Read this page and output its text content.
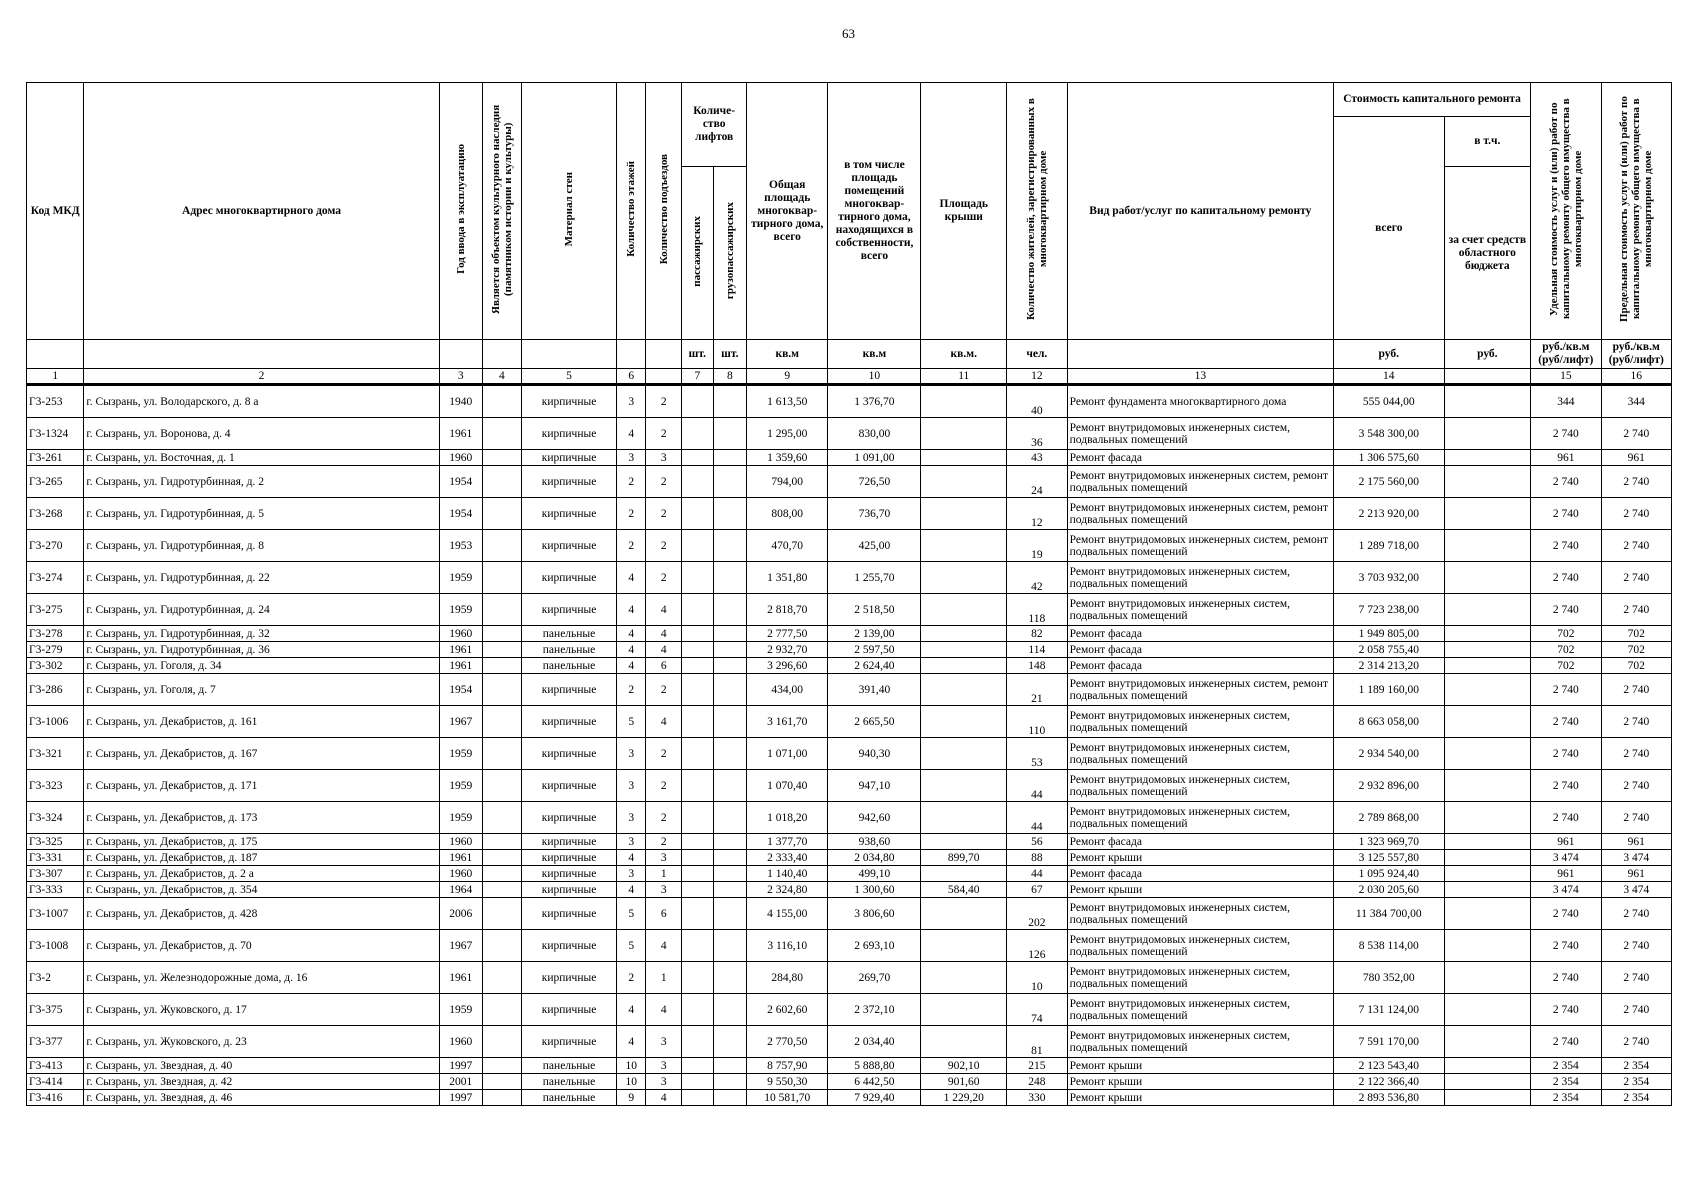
63
Код МКД	Адрес многоквартирного дома	Год ввода в эксплуатацию	Является объектом культурного наследия (памятником истории и культуры)	Материал стен	Количество этажей	Количество подъездов	Количе-ство лифтов		Общая площадь многоквар-тирного дома, всего	в том числе площадь помещений многоквар-тирного дома, находящихся в собственности, всего	Площадь крыши	Количество жителей, зарегистрированных в многоквартирном доме	Вид работ/услуг по капитальному ремонту	Стоимость капитального ремонта		Удельная стоимость услуг и (или) работ по капитальному ремонту общего имущества в многоквартирном доме	Предельная стоимость услуг и (или) работ по капитальному ремонту общего имущества в многоквартирном доме
														всего	в т.ч.		
							пассажирских	грузопассажирских							за счет средств областного бюджета		
							шт.	шт.	кв.м	кв.м	кв.м.	чел.		руб.	руб.	руб./кв.м (руб/лифт)	руб./кв.м (руб/лифт)
1	2	3	4	5	6		7	8	9	10	11	12	13	14		15	16
Г3-253	г. Сызрань, ул. Володарского, д. 8 а	1940		кирпичные	3	2			1 613,50	1 376,70		40	Ремонт фундамента многоквартирного дома	555 044,00		344	344
Г3-1324	г. Сызрань, ул. Воронова, д. 4	1961		кирпичные	4	2			1 295,00	830,00		36	Ремонт внутридомовых инженерных систем, подвальных помещений	3 548 300,00		2 740	2 740
Г3-261	г. Сызрань, ул. Восточная, д. 1	1960		кирпичные	3	3			1 359,60	1 091,00		43	Ремонт фасада	1 306 575,60		961	961
Г3-265	г. Сызрань, ул. Гидротурбинная, д. 2	1954		кирпичные	2	2			794,00	726,50		24	Ремонт внутридомовых инженерных систем, ремонт подвальных помещений	2 175 560,00		2 740	2 740
Г3-268	г. Сызрань, ул. Гидротурбинная, д. 5	1954		кирпичные	2	2			808,00	736,70		12	Ремонт внутридомовых инженерных систем, ремонт подвальных помещений	2 213 920,00		2 740	2 740
Г3-270	г. Сызрань, ул. Гидротурбинная, д. 8	1953		кирпичные	2	2			470,70	425,00		19	Ремонт внутридомовых инженерных систем, ремонт подвальных помещений	1 289 718,00		2 740	2 740
Г3-274	г. Сызрань, ул. Гидротурбинная, д. 22	1959		кирпичные	4	2			1 351,80	1 255,70		42	Ремонт внутридомовых инженерных систем, подвальных помещений	3 703 932,00		2 740	2 740
Г3-275	г. Сызрань, ул. Гидротурбинная, д. 24	1959		кирпичные	4	4			2 818,70	2 518,50		118	Ремонт внутридомовых инженерных систем, подвальных помещений	7 723 238,00		2 740	2 740
Г3-278	г. Сызрань, ул. Гидротурбинная, д. 32	1960		панельные	4	4			2 777,50	2 139,00		82	Ремонт фасада	1 949 805,00		702	702
Г3-279	г. Сызрань, ул. Гидротурбинная, д. 36	1961		панельные	4	4			2 932,70	2 597,50		114	Ремонт фасада	2 058 755,40		702	702
Г3-302	г. Сызрань, ул. Гоголя, д. 34	1961		панельные	4	6			3 296,60	2 624,40		148	Ремонт фасада	2 314 213,20		702	702
Г3-286	г. Сызрань, ул. Гоголя, д. 7	1954		кирпичные	2	2			434,00	391,40		21	Ремонт внутридомовых инженерных систем, ремонт подвальных помещений	1 189 160,00		2 740	2 740
Г3-1006	г. Сызрань, ул. Декабристов, д. 161	1967		кирпичные	5	4			3 161,70	2 665,50		110	Ремонт внутридомовых инженерных систем, подвальных помещений	8 663 058,00		2 740	2 740
Г3-321	г. Сызрань, ул. Декабристов, д. 167	1959		кирпичные	3	2			1 071,00	940,30		53	Ремонт внутридомовых инженерных систем, подвальных помещений	2 934 540,00		2 740	2 740
Г3-323	г. Сызрань, ул. Декабристов, д. 171	1959		кирпичные	3	2			1 070,40	947,10		44	Ремонт внутридомовых инженерных систем, подвальных помещений	2 932 896,00		2 740	2 740
Г3-324	г. Сызрань, ул. Декабристов, д. 173	1959		кирпичные	3	2			1 018,20	942,60		44	Ремонт внутридомовых инженерных систем, подвальных помещений	2 789 868,00		2 740	2 740
Г3-325	г. Сызрань, ул. Декабристов, д. 175	1960		кирпичные	3	2			1 377,70	938,60		56	Ремонт фасада	1 323 969,70		961	961
Г3-331	г. Сызрань, ул. Декабристов, д. 187	1961		кирпичные	4	3			2 333,40	2 034,80	899,70	88	Ремонт крыши	3 125 557,80		3 474	3 474
Г3-307	г. Сызрань, ул. Декабристов, д. 2 а	1960		кирпичные	3	1			1 140,40	499,10		44	Ремонт фасада	1 095 924,40		961	961
Г3-333	г. Сызрань, ул. Декабристов, д. 354	1964		кирпичные	4	3			2 324,80	1 300,60	584,40	67	Ремонт крыши	2 030 205,60		3 474	3 474
Г3-1007	г. Сызрань, ул. Декабристов, д. 428	2006		кирпичные	5	6			4 155,00	3 806,60		202	Ремонт внутридомовых инженерных систем, подвальных помещений	11 384 700,00		2 740	2 740
Г3-1008	г. Сызрань, ул. Декабристов, д. 70	1967		кирпичные	5	4			3 116,10	2 693,10		126	Ремонт внутридомовых инженерных систем, подвальных помещений	8 538 114,00		2 740	2 740
Г3-2	г. Сызрань, ул. Железнодорожные дома, д. 16	1961		кирпичные	2	1			284,80	269,70		10	Ремонт внутридомовых инженерных систем, подвальных помещений	780 352,00		2 740	2 740
Г3-375	г. Сызрань, ул. Жуковского, д. 17	1959		кирпичные	4	4			2 602,60	2 372,10		74	Ремонт внутридомовых инженерных систем, подвальных помещений	7 131 124,00		2 740	2 740
Г3-377	г. Сызрань, ул. Жуковского, д. 23	1960		кирпичные	4	3			2 770,50	2 034,40		81	Ремонт внутридомовых инженерных систем, подвальных помещений	7 591 170,00		2 740	2 740
Г3-413	г. Сызрань, ул. Звездная, д. 40	1997		панельные	10	3			8 757,90	5 888,80	902,10	215	Ремонт крыши	2 123 543,40		2 354	2 354
Г3-414	г. Сызрань, ул. Звездная, д. 42	2001		панельные	10	3			9 550,30	6 442,50	901,60	248	Ремонт крыши	2 122 366,40		2 354	2 354
Г3-416	г. Сызрань, ул. Звездная, д. 46	1997		панельные	9	4			10 581,70	7 929,40	1 229,20	330	Ремонт крыши	2 893 536,80		2 354	2 354
